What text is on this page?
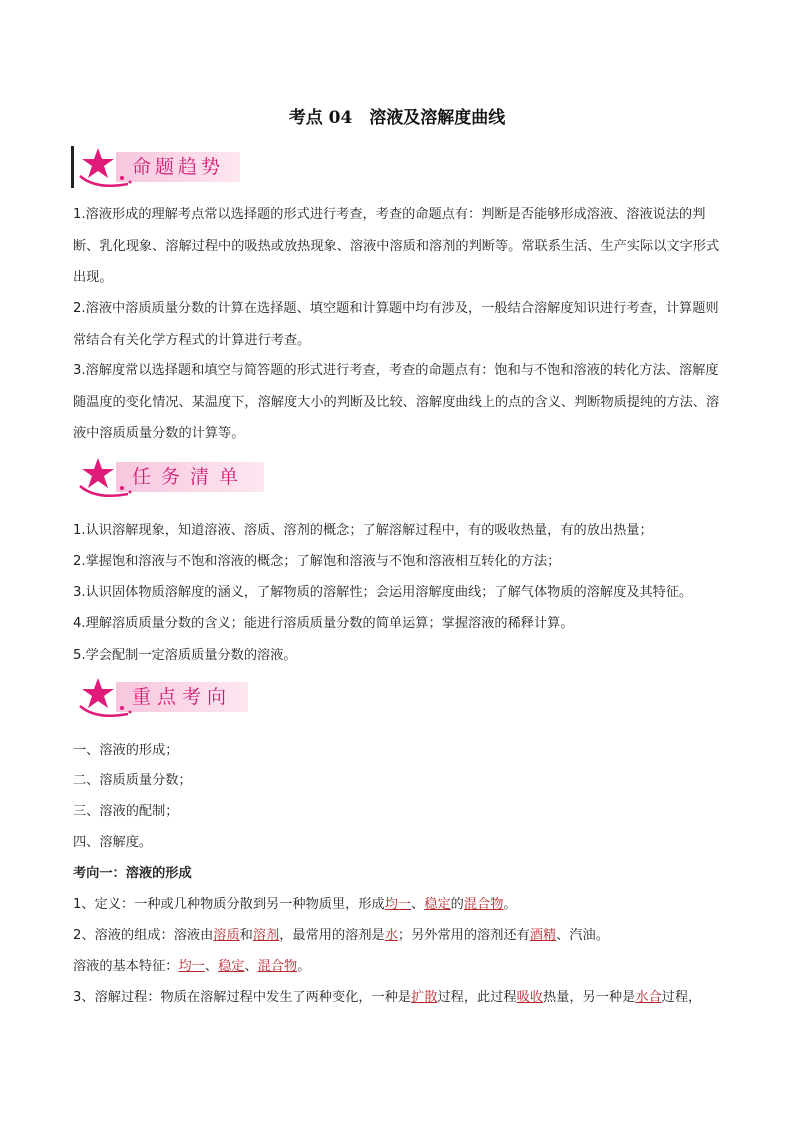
考点 04　溶液及溶解度曲线
命题趋势
1.溶液形成的理解考点常以选择题的形式进行考查，考查的命题点有：判断是否能够形成溶液、溶液说法的判断、乳化现象、溶解过程中的吸热或放热现象、溶液中溶质和溶剂的判断等。常联系生活、生产实际以文字形式出现。
2.溶液中溶质质量分数的计算在选择题、填空题和计算题中均有涉及，一般结合溶解度知识进行考查，计算题则常结合有关化学方程式的计算进行考查。
3.溶解度常以选择题和填空与简答题的形式进行考查，考查的命题点有：饱和与不饱和溶液的转化方法、溶解度随温度的变化情况、某温度下，溶解度大小的判断及比较、溶解度曲线上的点的含义、判断物质提纯的方法、溶液中溶质质量分数的计算等。
任务清单
1.认识溶解现象，知道溶液、溶质、溶剂的概念；了解溶解过程中，有的吸收热量，有的放出热量；
2.掌握饱和溶液与不饱和溶液的概念；了解饱和溶液与不饱和溶液相互转化的方法；
3.认识固体物质溶解度的涵义，了解物质的溶解性；会运用溶解度曲线；了解气体物质的溶解度及其特征。
4.理解溶质质量分数的含义；能进行溶质质量分数的简单运算；掌握溶液的稀释计算。
5.学会配制一定溶质质量分数的溶液。
重点考向
一、溶液的形成；
二、溶质质量分数；
三、溶液的配制；
四、溶解度。
考向一：溶液的形成
1、定义：一种或几种物质分散到另一种物质里，形成均一、稳定的混合物。
2、溶液的组成：溶液由溶质和溶剂，最常用的溶剂是水；另外常用的溶剂还有酒精、汽油。
溶液的基本特征：均一、稳定、混合物。
3、溶解过程：物质在溶解过程中发生了两种变化，一种是扩散过程，此过程吸收热量，另一种是水合过程，
